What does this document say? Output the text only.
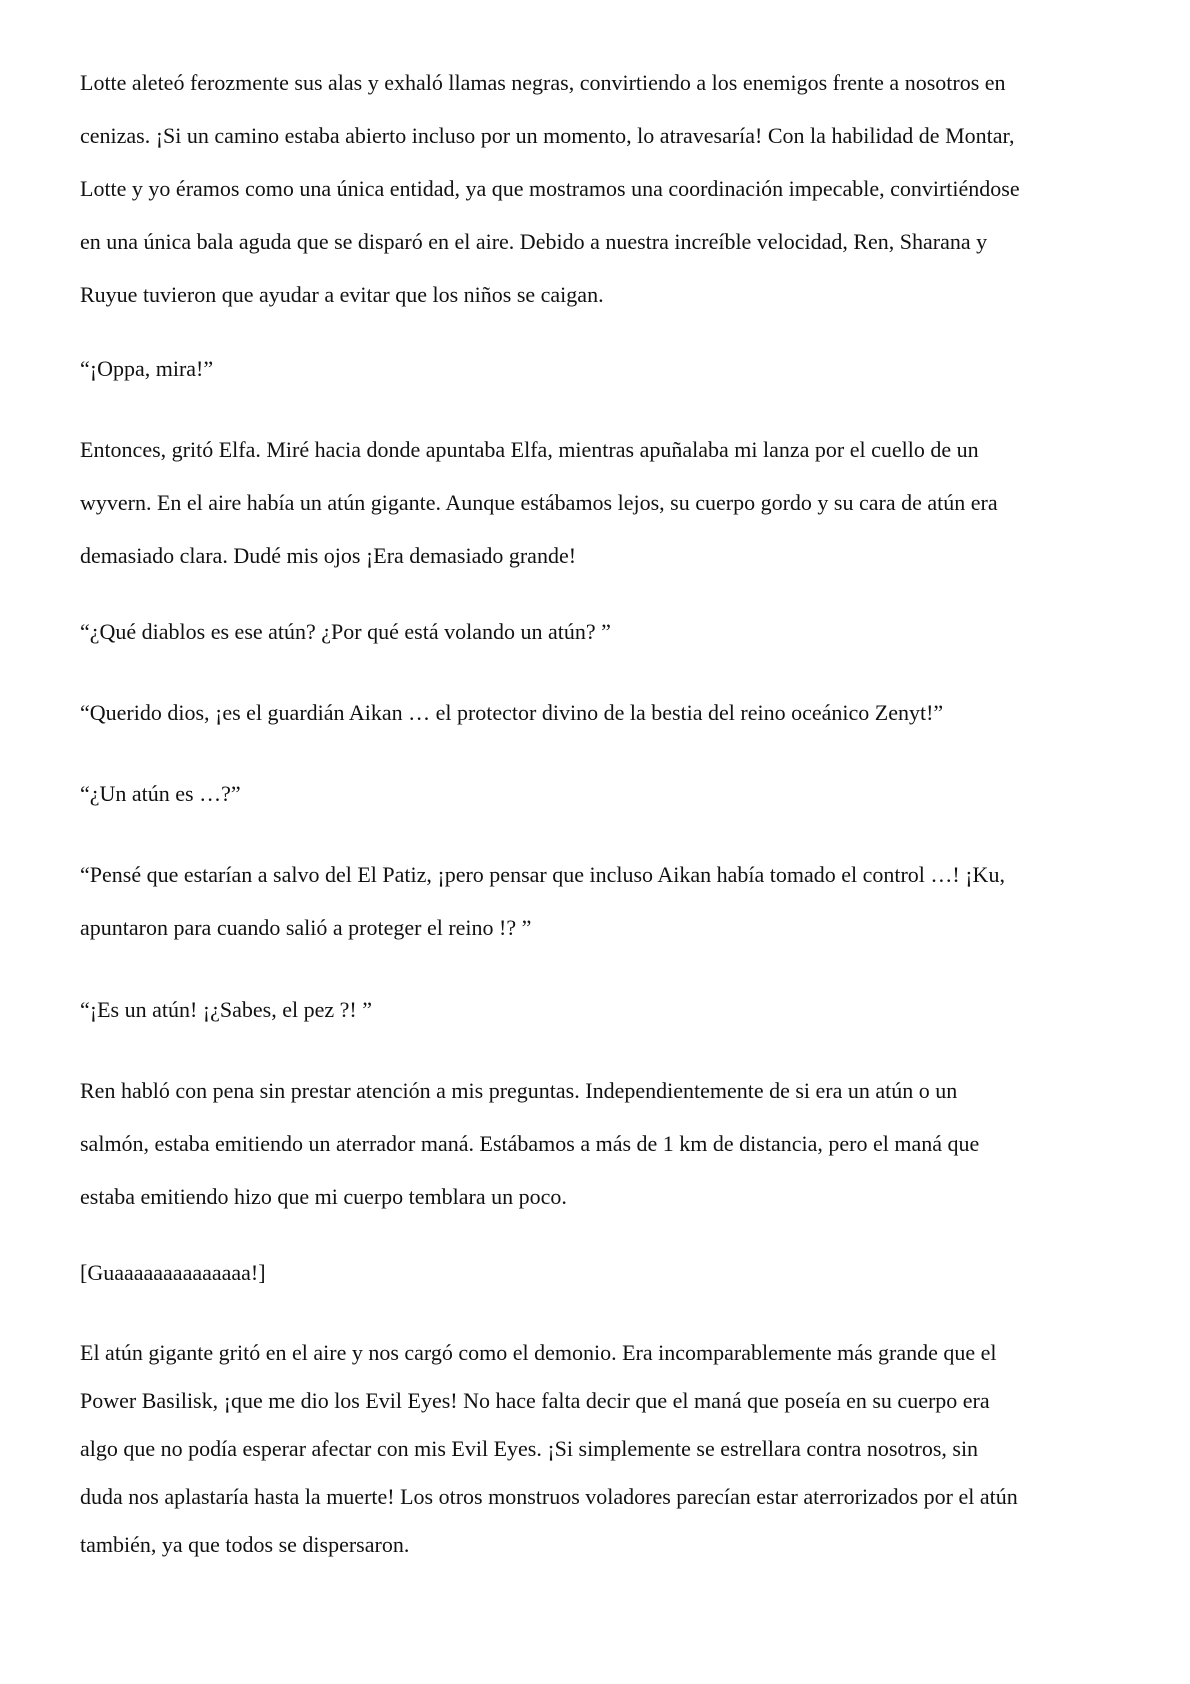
Lotte aleteó ferozmente sus alas y exhaló llamas negras, convirtiendo a los enemigos frente a nosotros en
cenizas. ¡Si un camino estaba abierto incluso por un momento, lo atravesaría! Con la habilidad de Montar,
Lotte y yo éramos como una única entidad, ya que mostramos una coordinación impecable, convirtiéndose
en una única bala aguda que se disparó en el aire. Debido a nuestra increíble velocidad, Ren, Sharana y
Ruyue tuvieron que ayudar a evitar que los niños se caigan.

“¡Oppa, mira!”

Entonces, gritó Elfa. Miré hacia donde apuntaba Elfa, mientras apuñalaba mi lanza por el cuello de un
wyvern. En el aire había un atún gigante. Aunque estábamos lejos, su cuerpo gordo y su cara de atún era
demasiado clara. Dudé mis ojos ¡Era demasiado grande!

“¿Qué diablos es ese atún? ¿Por qué está volando un atún? ”

“Querido dios, ¡es el guardián Aikan … el protector divino de la bestia del reino oceánico Zenyt!”

“¿Un atún es …?”

“Pensé que estarían a salvo del El Patiz, ¡pero pensar que incluso Aikan había tomado el control …! ¡Ku,
apuntaron para cuando salió a proteger el reino !? ”

“¡Es un atún! ¡¿Sabes, el pez ?! ”

Ren habló con pena sin prestar atención a mis preguntas. Independientemente de si era un atún o un
salmón, estaba emitiendo un aterrador maná. Estábamos a más de 1 km de distancia, pero el maná que
estaba emitiendo hizo que mi cuerpo temblara un poco.

[Guaaaaaaaaaaaaaa!]

El atún gigante gritó en el aire y nos cargó como el demonio. Era incomparablemente más grande que el
Power Basilisk, ¡que me dio los Evil Eyes! No hace falta decir que el maná que poseía en su cuerpo era
algo que no podía esperar afectar con mis Evil Eyes. ¡Si simplemente se estrellara contra nosotros, sin
duda nos aplastaría hasta la muerte! Los otros monstruos voladores parecían estar aterrorizados por el atún
también, ya que todos se dispersaron.
